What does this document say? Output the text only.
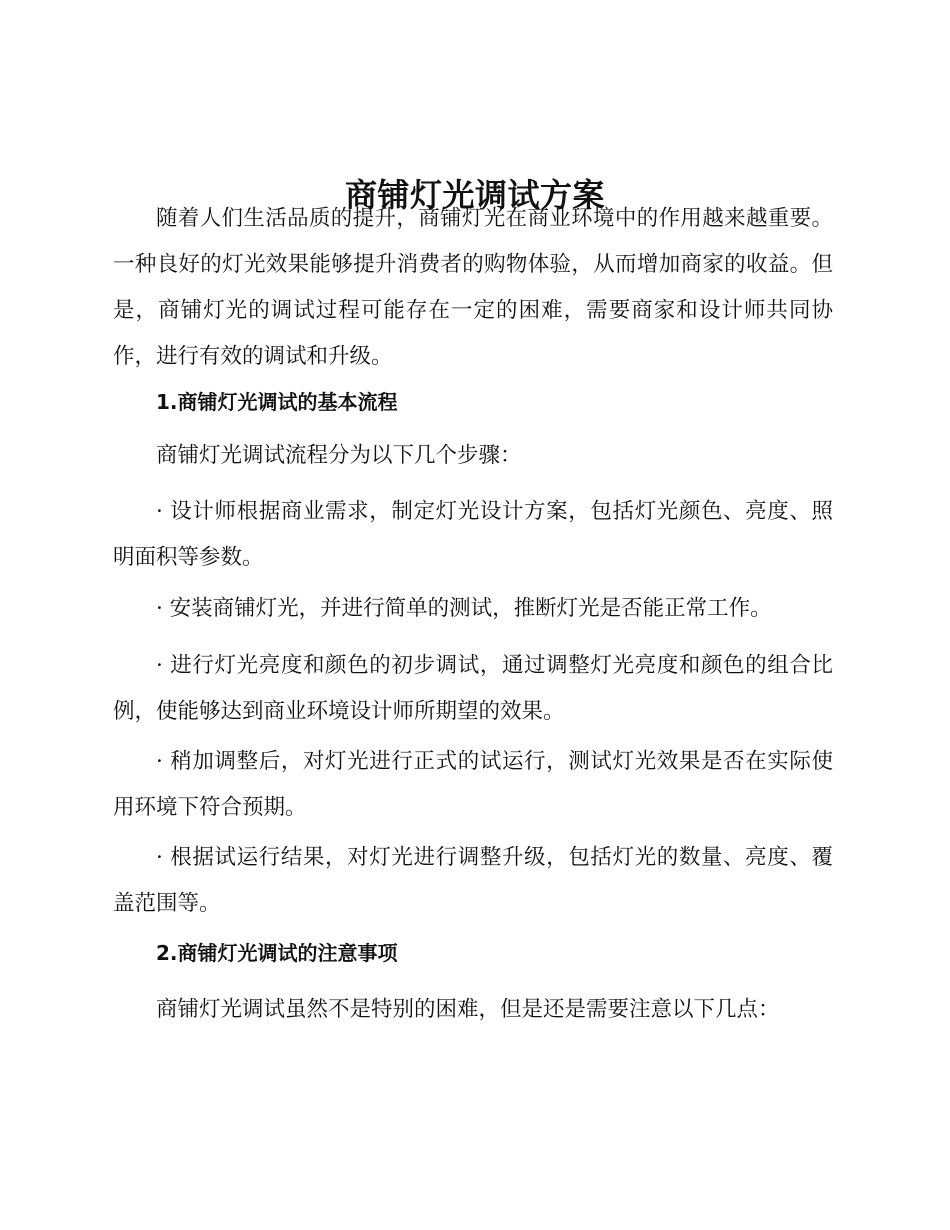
商铺灯光调试方案

随着人们生活品质的提升，商铺灯光在商业环境中的作用越来越重要。一种良好的灯光效果能够提升消费者的购物体验，从而增加商家的收益。但是，商铺灯光的调试过程可能存在一定的困难，需要商家和设计师共同协作，进行有效的调试和升级。

1.商铺灯光调试的基本流程

商铺灯光调试流程分为以下几个步骤：

· 设计师根据商业需求，制定灯光设计方案，包括灯光颜色、亮度、照明面积等参数。

· 安装商铺灯光，并进行简单的测试，推断灯光是否能正常工作。

· 进行灯光亮度和颜色的初步调试，通过调整灯光亮度和颜色的组合比例，使能够达到商业环境设计师所期望的效果。

· 稍加调整后，对灯光进行正式的试运行，测试灯光效果是否在实际使用环境下符合预期。

· 根据试运行结果，对灯光进行调整升级，包括灯光的数量、亮度、覆盖范围等。

2.商铺灯光调试的注意事项

商铺灯光调试虽然不是特别的困难，但是还是需要注意以下几点：
